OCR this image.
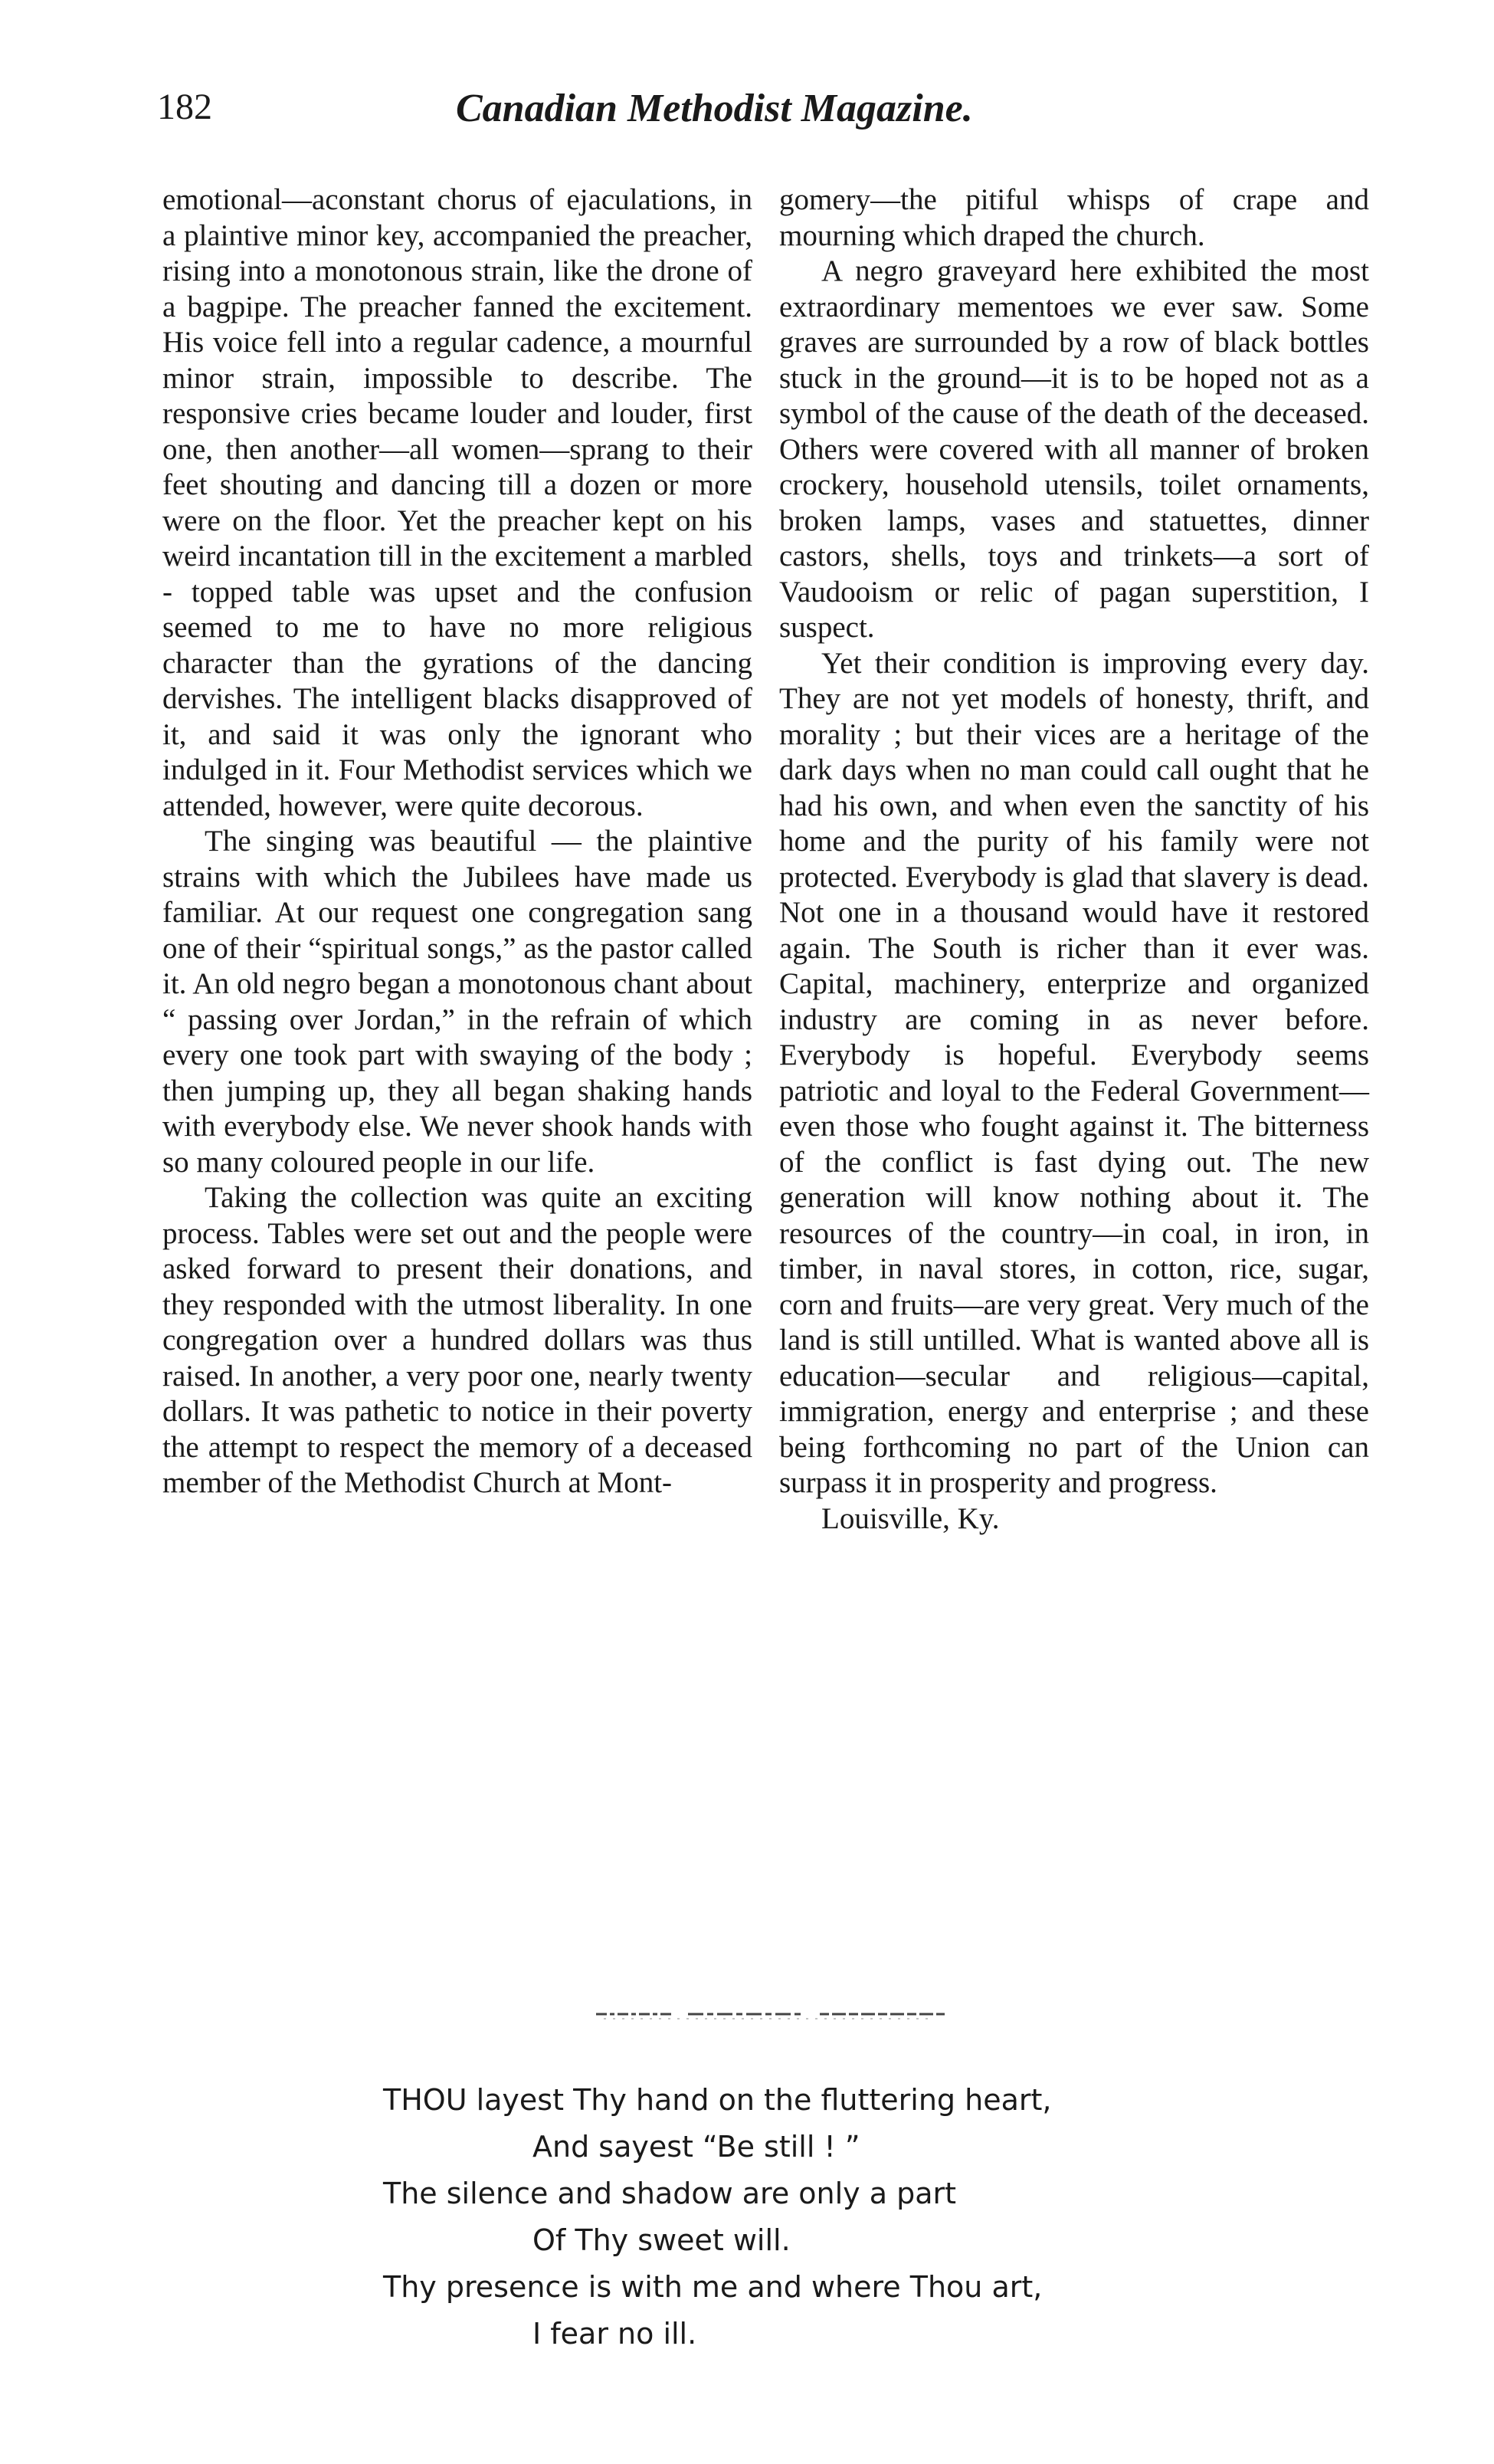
182	Canadian Methodist Magazine.

emotional—aconstant chorus of ejaculations, in a plaintive minor key, accompanied the preacher, rising into a monotonous strain, like the drone of a bagpipe. The preacher fanned the excitement. His voice fell into a regular cadence, a mournful minor strain, impossible to describe. The responsive cries became louder and louder, first one, then another—all women—sprang to their feet shouting and dancing till a dozen or more were on the floor. Yet the preacher kept on his weird incantation till in the excitement a marbled - topped table was upset and the confusion seemed to me to have no more religious character than the gyrations of the dancing dervishes. The intelligent blacks disapproved of it, and said it was only the ignorant who indulged in it. Four Methodist services which we attended, however, were quite decorous.

The singing was beautiful — the plaintive strains with which the Jubilees have made us familiar. At our request one congregation sang one of their “spiritual songs,” as the pastor called it. An old negro began a monotonous chant about “ passing over Jordan,” in the refrain of which every one took part with swaying of the body ; then jumping up, they all began shaking hands with everybody else. We never shook hands with so many coloured people in our life.

Taking the collection was quite an exciting process. Tables were set out and the people were asked forward to present their donations, and they responded with the utmost liberality. In one congregation over a hundred dollars was thus raised. In another, a very poor one, nearly twenty dollars. It was pathetic to notice in their poverty the attempt to respect the memory of a deceased member of the Methodist Church at Mont-

gomery—the pitiful whisps of crape and mourning which draped the church.

A negro graveyard here exhibited the most extraordinary mementoes we ever saw. Some graves are surrounded by a row of black bottles stuck in the ground—it is to be hoped not as a symbol of the cause of the death of the deceased. Others were covered with all manner of broken crockery, household utensils, toilet ornaments, broken lamps, vases and statuettes, dinner castors, shells, toys and trinkets—a sort of Vaudooism or relic of pagan superstition, I suspect.

Yet their condition is improving every day. They are not yet models of honesty, thrift, and morality ; but their vices are a heritage of the dark days when no man could call ought that he had his own, and when even the sanctity of his home and the purity of his family were not protected. Everybody is glad that slavery is dead. Not one in a thousand would have it restored again. The South is richer than it ever was. Capital, machinery, enterprize and organized industry are coming in as never before. Everybody is hopeful. Everybody seems patriotic and loyal to the Federal Government—even those who fought against it. The bitterness of the conflict is fast dying out. The new generation will know nothing about it. The resources of the country—in coal, in iron, in timber, in naval stores, in cotton, rice, sugar, corn and fruits—are very great. Very much of the land is still untilled. What is wanted above all is education—secular and religious—capital, immigration, energy and enterprise ; and these being forthcoming no part of the Union can surpass it in prosperity and progress.

Louisville, Ky.

THOU layest Thy hand on the fluttering heart,
And sayest “Be still ! ”
The silence and shadow are only a part
Of Thy sweet will.
Thy presence is with me and where Thou art,
I fear no ill.
